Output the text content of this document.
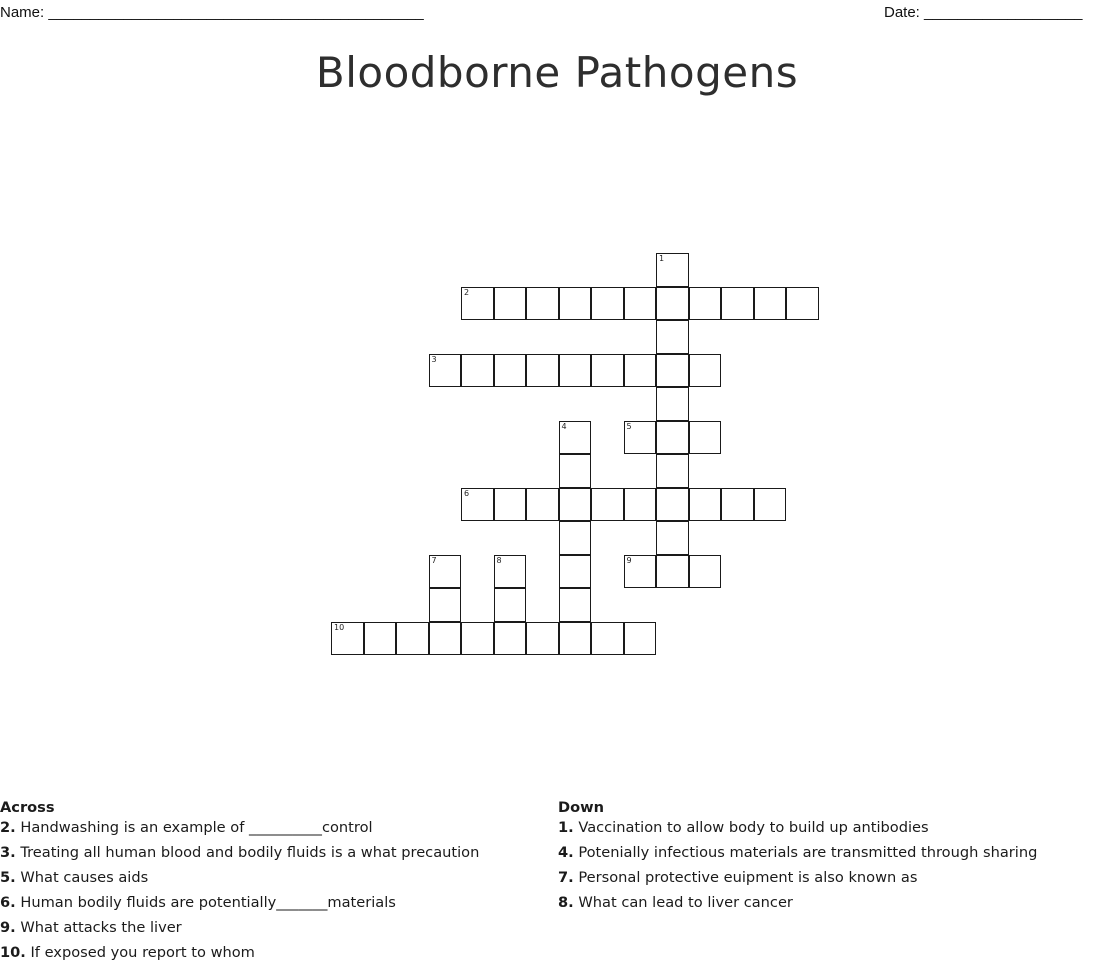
Name: _____________________________________________	Date: ___________________
Bloodborne Pathogens
1
2
3
4	5
6
7	8	9
10
Across
2. Handwashing is an example of __________control
3. Treating all human blood and bodily fluids is a what precaution
5. What causes aids
6. Human bodily fluids are potentially_______materials
9. What attacks the liver
10. If exposed you report to whom
Down
1. Vaccination to allow body to build up antibodies
4. Potenially infectious materials are transmitted through sharing
7. Personal protective euipment is also known as
8. What can lead to liver cancer
